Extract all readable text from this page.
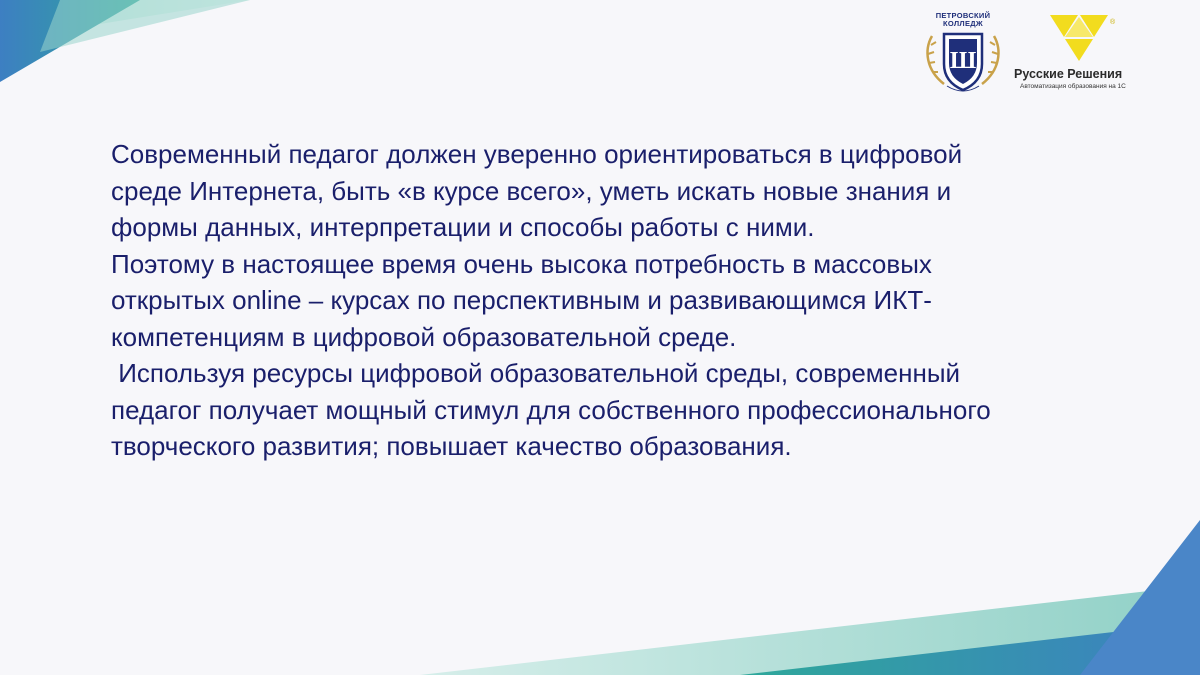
ПЕТРОВСКИЙ
КОЛЛЕДЖ
Ш
®
Русские Решения
Автоматизация образования на 1С

Современный педагог должен уверенно ориентироваться в цифровой среде Интернета, быть «в курсе всего», уметь искать новые знания и формы данных, интерпретации и способы работы с ними.

Поэтому в настоящее время очень высока потребность в массовых открытых online – курсах по перспективным и развивающимся ИКТ-компетенциям в цифровой образовательной среде.

Используя ресурсы цифровой образовательной среды, современный педагог получает мощный стимул для собственного профессионального творческого развития; повышает качество образования.
